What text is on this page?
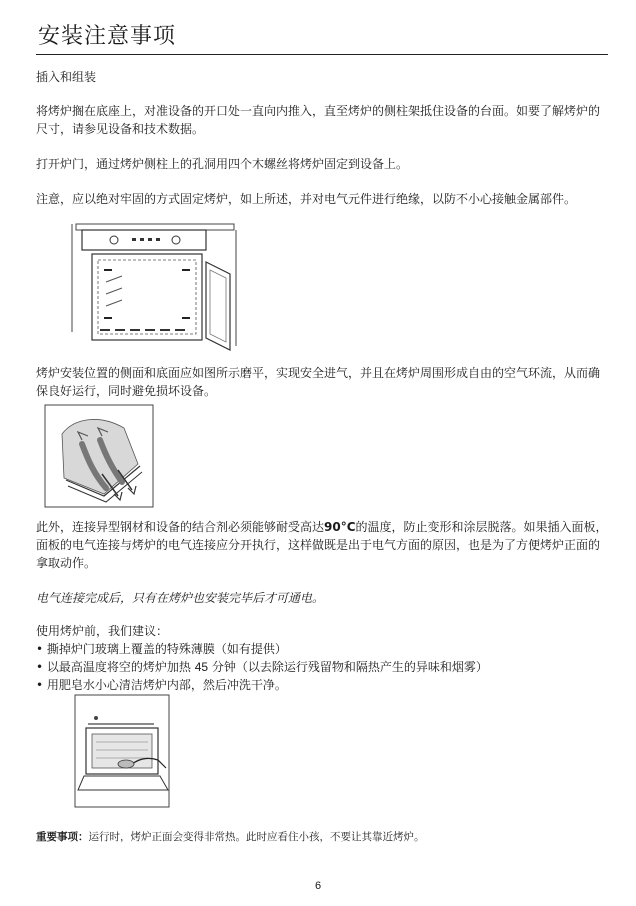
安装注意事项
插入和组装
将烤炉搁在底座上，对准设备的开口处一直向内推入，直至烤炉的侧柱架抵住设备的台面。如要了解烤炉的尺寸，请参见设备和技术数据。
打开炉门，通过烤炉侧柱上的孔洞用四个木螺丝将烤炉固定到设备上。
注意，应以绝对牢固的方式固定烤炉，如上所述，并对电气元件进行绝缘，以防不小心接触金属部件。
烤炉安装位置的侧面和底面应如图所示磨平，实现安全进气，并且在烤炉周围形成自由的空气环流，从而确保良好运行，同时避免损坏设备。
此外，连接异型钢材和设备的结合剂必须能够耐受高达90°C的温度，防止变形和涂层脱落。如果插入面板，面板的电气连接与烤炉的电气连接应分开执行，这样做既是出于电气方面的原因，也是为了方便烤炉正面的拿取动作。
电气连接完成后，只有在烤炉也安装完毕后才可通电。
使用烤炉前，我们建议：
• 撕掉炉门玻璃上覆盖的特殊薄膜（如有提供）
• 以最高温度将空的烤炉加热 45 分钟（以去除运行残留物和隔热产生的异味和烟雾）
• 用肥皂水小心清洁烤炉内部，然后冲洗干净。
重要事项：运行时，烤炉正面会变得非常热。此时应看住小孩，不要让其靠近烤炉。
6
